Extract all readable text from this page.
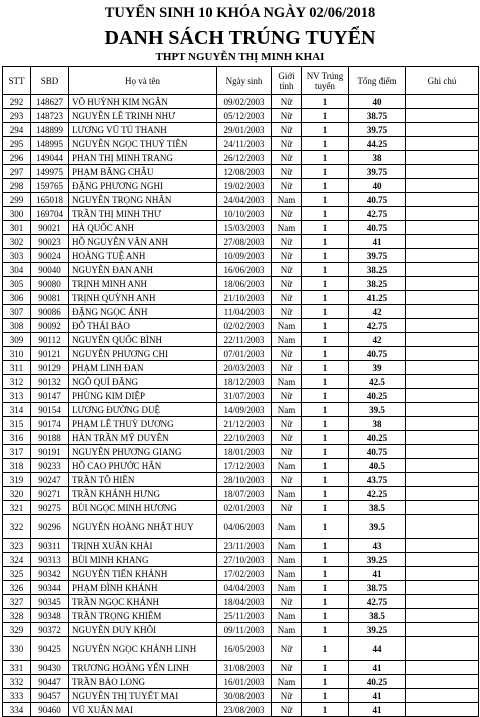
TUYỂN SINH 10 KHÓA NGÀY 02/06/2018
DANH SÁCH TRÚNG TUYỂN
THPT NGUYỄN THỊ MINH KHAI
STT	SBD	Họ và tên	Ngày sinh	Giới tính	NV Trúng tuyển	Tổng điểm	Ghi chú
292	148627	VÕ HUỲNH KIM NGÂN	09/02/2003	Nữ	1	40	
293	148723	NGUYỄN LÊ TRINH NHƯ	05/12/2003	Nữ	1	38.75	
294	148899	LƯƠNG VŨ TÚ THANH	29/01/2003	Nữ	1	39.75	
295	148995	NGUYỄN NGỌC THUỶ TIÊN	24/11/2003	Nữ	1	44.25	
296	149044	PHAN THỊ MINH TRANG	26/12/2003	Nữ	1	38	
297	149975	PHẠM BĂNG CHÂU	12/08/2003	Nữ	1	39.75	
298	159765	ĐẶNG PHƯƠNG NGHI	19/02/2003	Nữ	1	40	
299	165018	NGUYỄN TRỌNG NHÂN	24/04/2003	Nam	1	40.75	
300	169704	TRẦN THỊ MINH THƯ	10/10/2003	Nữ	1	42.75	
301	90021	HÀ QUỐC ANH	15/03/2003	Nam	1	40.75	
302	90023	HỒ NGUYỄN VÂN ANH	27/08/2003	Nữ	1	41	
303	90024	HOÀNG TUỆ ANH	10/09/2003	Nữ	1	39.75	
304	90040	NGUYỄN ĐAN ANH	16/06/2003	Nữ	1	38.25	
305	90080	TRỊNH MINH ANH	18/06/2003	Nữ	1	38.25	
306	90081	TRỊNH QUỲNH ANH	21/10/2003	Nữ	1	41.25	
307	90086	ĐẶNG NGỌC ÁNH	11/04/2003	Nữ	1	42	
308	90092	ĐỖ THÁI BẢO	02/02/2003	Nam	1	42.75	
309	90112	NGUYỄN QUỐC BÌNH	22/11/2003	Nam	1	42	
310	90121	NGUYỄN PHƯƠNG CHI	07/01/2003	Nữ	1	40.75	
311	90129	PHẠM LINH ĐAN	20/03/2003	Nữ	1	39	
312	90132	NGÔ QUÍ ĐĂNG	18/12/2003	Nam	1	42.5	
313	90147	PHÙNG KIM DIỆP	31/07/2003	Nữ	1	40.25	
314	90154	LƯƠNG ĐƯỜNG DUỆ	14/09/2003	Nam	1	39.5	
315	90174	PHẠM LÊ THUỲ DƯƠNG	21/12/2003	Nữ	1	38	
316	90188	HÀN TRẦN MỸ DUYÊN	22/10/2003	Nữ	1	40.25	
317	90191	NGUYỄN PHƯƠNG GIANG	18/01/2003	Nữ	1	40.75	
318	90233	HỒ CAO PHƯỚC HÂN	17/12/2003	Nam	1	40.5	
319	90247	TRẦN TÔ HIỀN	28/10/2003	Nữ	1	43.75	
320	90271	TRẦN KHÁNH HƯNG	18/07/2003	Nam	1	42.25	
321	90275	BÙI NGỌC MINH HƯƠNG	02/01/2003	Nữ	1	38.5	
322	90296	NGUYỄN HOÀNG NHẬT HUY	04/06/2003	Nam	1	39.5	
323	90311	TRỊNH XUÂN KHẢI	23/11/2003	Nam	1	43	
324	90313	BÙI MINH KHANG	27/10/2003	Nam	1	39.25	
325	90342	NGUYỄN TIẾN KHÁNH	17/02/2003	Nam	1	41	
326	90344	PHẠM ĐÌNH KHÁNH	04/04/2003	Nam	1	38.75	
327	90345	TRẦN NGỌC KHÁNH	18/04/2003	Nữ	1	42.75	
328	90348	TRẦN TRỌNG KHIÊM	25/11/2003	Nam	1	38.5	
329	90372	NGUYỄN DUY KHÔI	09/11/2003	Nam	1	39.25	
330	90425	NGUYỄN NGỌC KHÁNH LINH	16/05/2003	Nữ	1	44	
331	90430	TRƯƠNG HOÀNG YẾN LINH	31/08/2003	Nữ	1	41	
332	90447	TRẦN BẢO LONG	16/01/2003	Nam	1	40.25	
333	90457	NGUYỄN THỊ TUYẾT MAI	30/08/2003	Nữ	1	41	
334	90460	VŨ XUÂN MAI	23/08/2003	Nữ	1	41	
